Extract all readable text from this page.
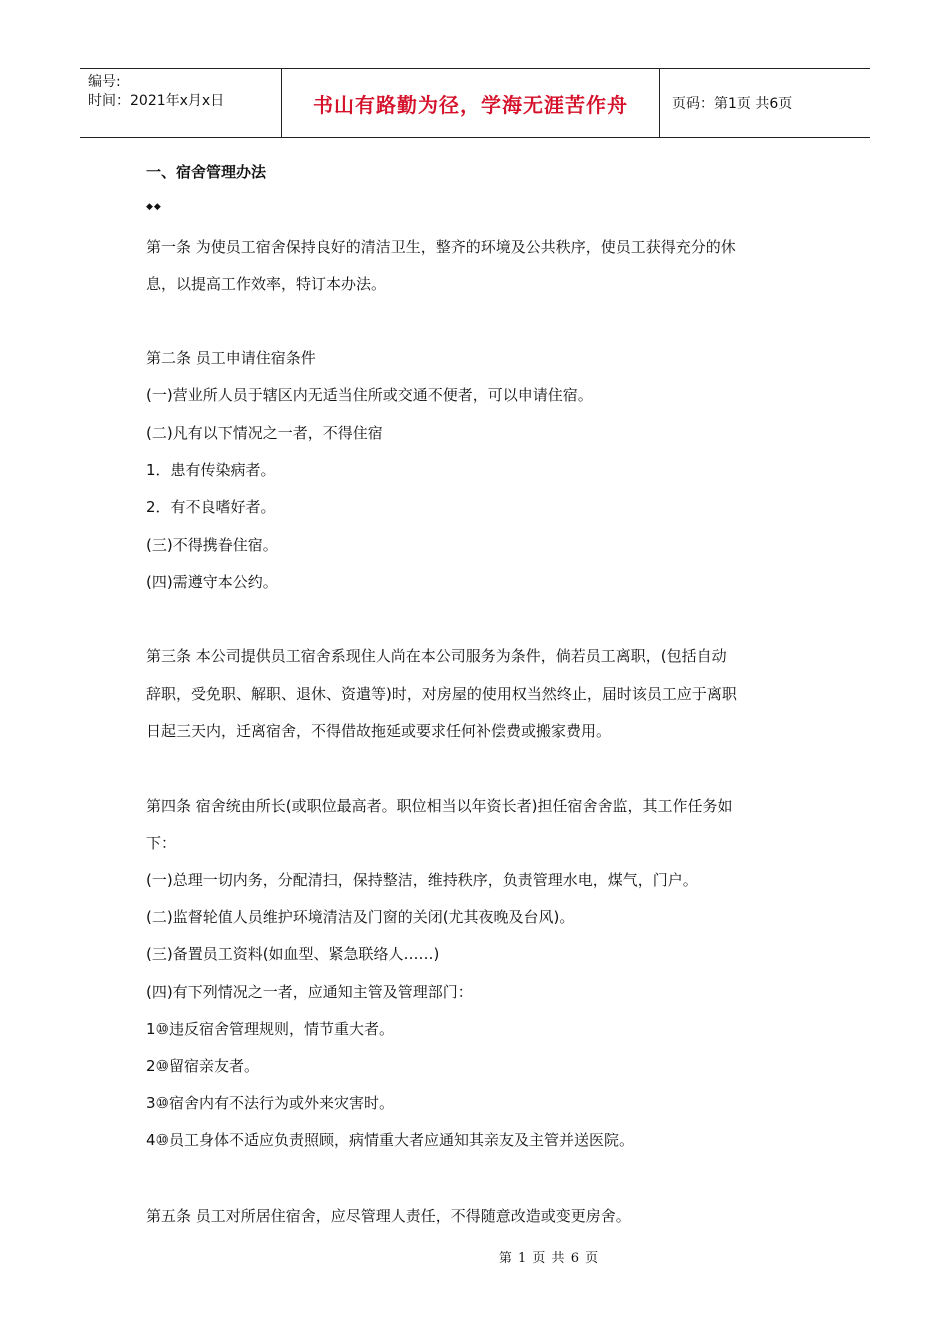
编号:
时间：2021年x月x日	书山有路勤为径，学海无涯苦作舟	页码：第1页 共6页
一、宿舍管理办法
◆◆
第一条 为使员工宿舍保持良好的清洁卫生，整齐的环境及公共秩序，使员工获得充分的休
息，以提高工作效率，特订本办法。
第二条 员工申请住宿条件
(一)营业所人员于辖区内无适当住所或交通不便者，可以申请住宿。
(二)凡有以下情况之一者，不得住宿
1．患有传染病者。
2．有不良嗜好者。
(三)不得携眷住宿。
(四)需遵守本公约。
第三条 本公司提供员工宿舍系现住人尚在本公司服务为条件，倘若员工离职，(包括自动
辞职，受免职、解职、退休、资遣等)时，对房屋的使用权当然终止，届时该员工应于离职
日起三天内，迁离宿舍，不得借故拖延或要求任何补偿费或搬家费用。
第四条 宿舍统由所长(或职位最高者。职位相当以年资长者)担任宿舍舍监，其工作任务如
下：
(一)总理一切内务，分配清扫，保持整洁，维持秩序，负责管理水电，煤气，门户。
(二)监督轮值人员维护环境清洁及门窗的关闭(尤其夜晚及台风)。
(三)备置员工资料(如血型、紧急联络人……)
(四)有下列情况之一者，应通知主管及管理部门：
1⑩违反宿舍管理规则，情节重大者。
2⑩留宿亲友者。
3⑩宿舍内有不法行为或外来灾害时。
4⑩员工身体不适应负责照顾，病情重大者应通知其亲友及主管并送医院。
第五条 员工对所居住宿舍，应尽管理人责任，不得随意改造或变更房舍。
第 1 页 共 6 页
